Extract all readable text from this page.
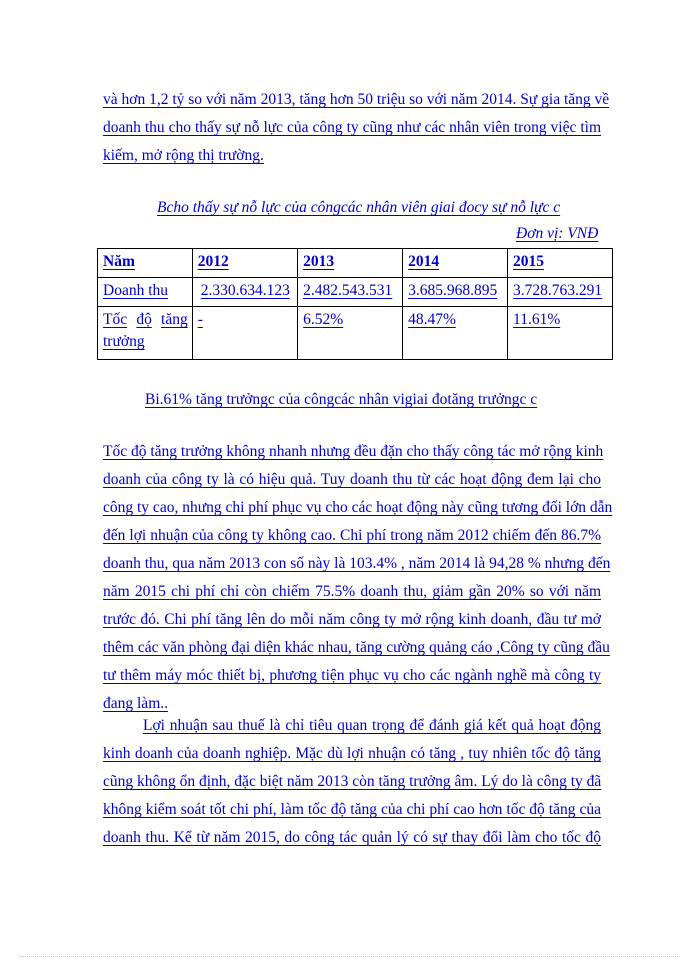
và hơn 1,2 tỷ so với năm 2013, tăng hơn 50 triệu so với năm 2014. Sự gia tăng về
doanh thu cho thấy sự nỗ lực của công ty cũng như các nhân viên trong việc tìm
kiếm, mở rộng thị trường.
Bcho thấy sự nỗ lực của côngcác nhân viên giai đocy sự nỗ lực c
Đơn vị: VNĐ
Năm	2012	2013	2014	2015
Doanh thu	2.330.634.123	2.482.543.531	3.685.968.895	3.728.763.291

Tốc độ tăng
trưởng	-	6.52%	48.47%	11.61%
Bi.61% tăng trưởngc của côngcác nhân vigiai đotăng trưởngc c
Tốc độ tăng trưởng không nhanh nhưng đều đặn cho thấy công tác mở rộng kinh
doanh của công ty là có hiệu quả. Tuy doanh thu từ các hoạt động đem lại cho
công ty cao, nhưng chi phí phục vụ cho các hoạt động này cũng tương đối lớn dẫn
đến lợi nhuận của công ty không cao. Chi phí trong năm 2012 chiếm đến 86.7%
doanh thu, qua năm 2013 con số này là 103.4% , năm 2014 là 94,28 % nhưng đến
năm 2015 chi phí chỉ còn chiếm 75.5% doanh thu, giảm gần 20% so với năm
trước đó. Chi phí tăng lên do mỗi năm công ty mở rộng kinh doanh, đầu tư mở
thêm các văn phòng đại diện khác nhau, tăng cường quảng cáo ,Công ty cũng đầu
tư thêm máy móc thiết bị, phương tiện phục vụ cho các ngành nghề mà công ty
đang làm..
Lợi nhuận sau thuế là chỉ tiêu quan trọng để đánh giá kết quả hoạt động
kinh doanh của doanh nghiệp. Mặc dù lợi nhuận có tăng , tuy nhiên tốc độ tăng
cũng không ổn định, đặc biệt năm 2013 còn tăng trưởng âm. Lý do là công ty đã
không kiểm soát tốt chi phí, làm tốc độ tăng của chi phí cao hơn tốc độ tăng của
doanh thu. Kể từ năm 2015, do công tác quản lý có sự thay đổi làm cho tốc độ
